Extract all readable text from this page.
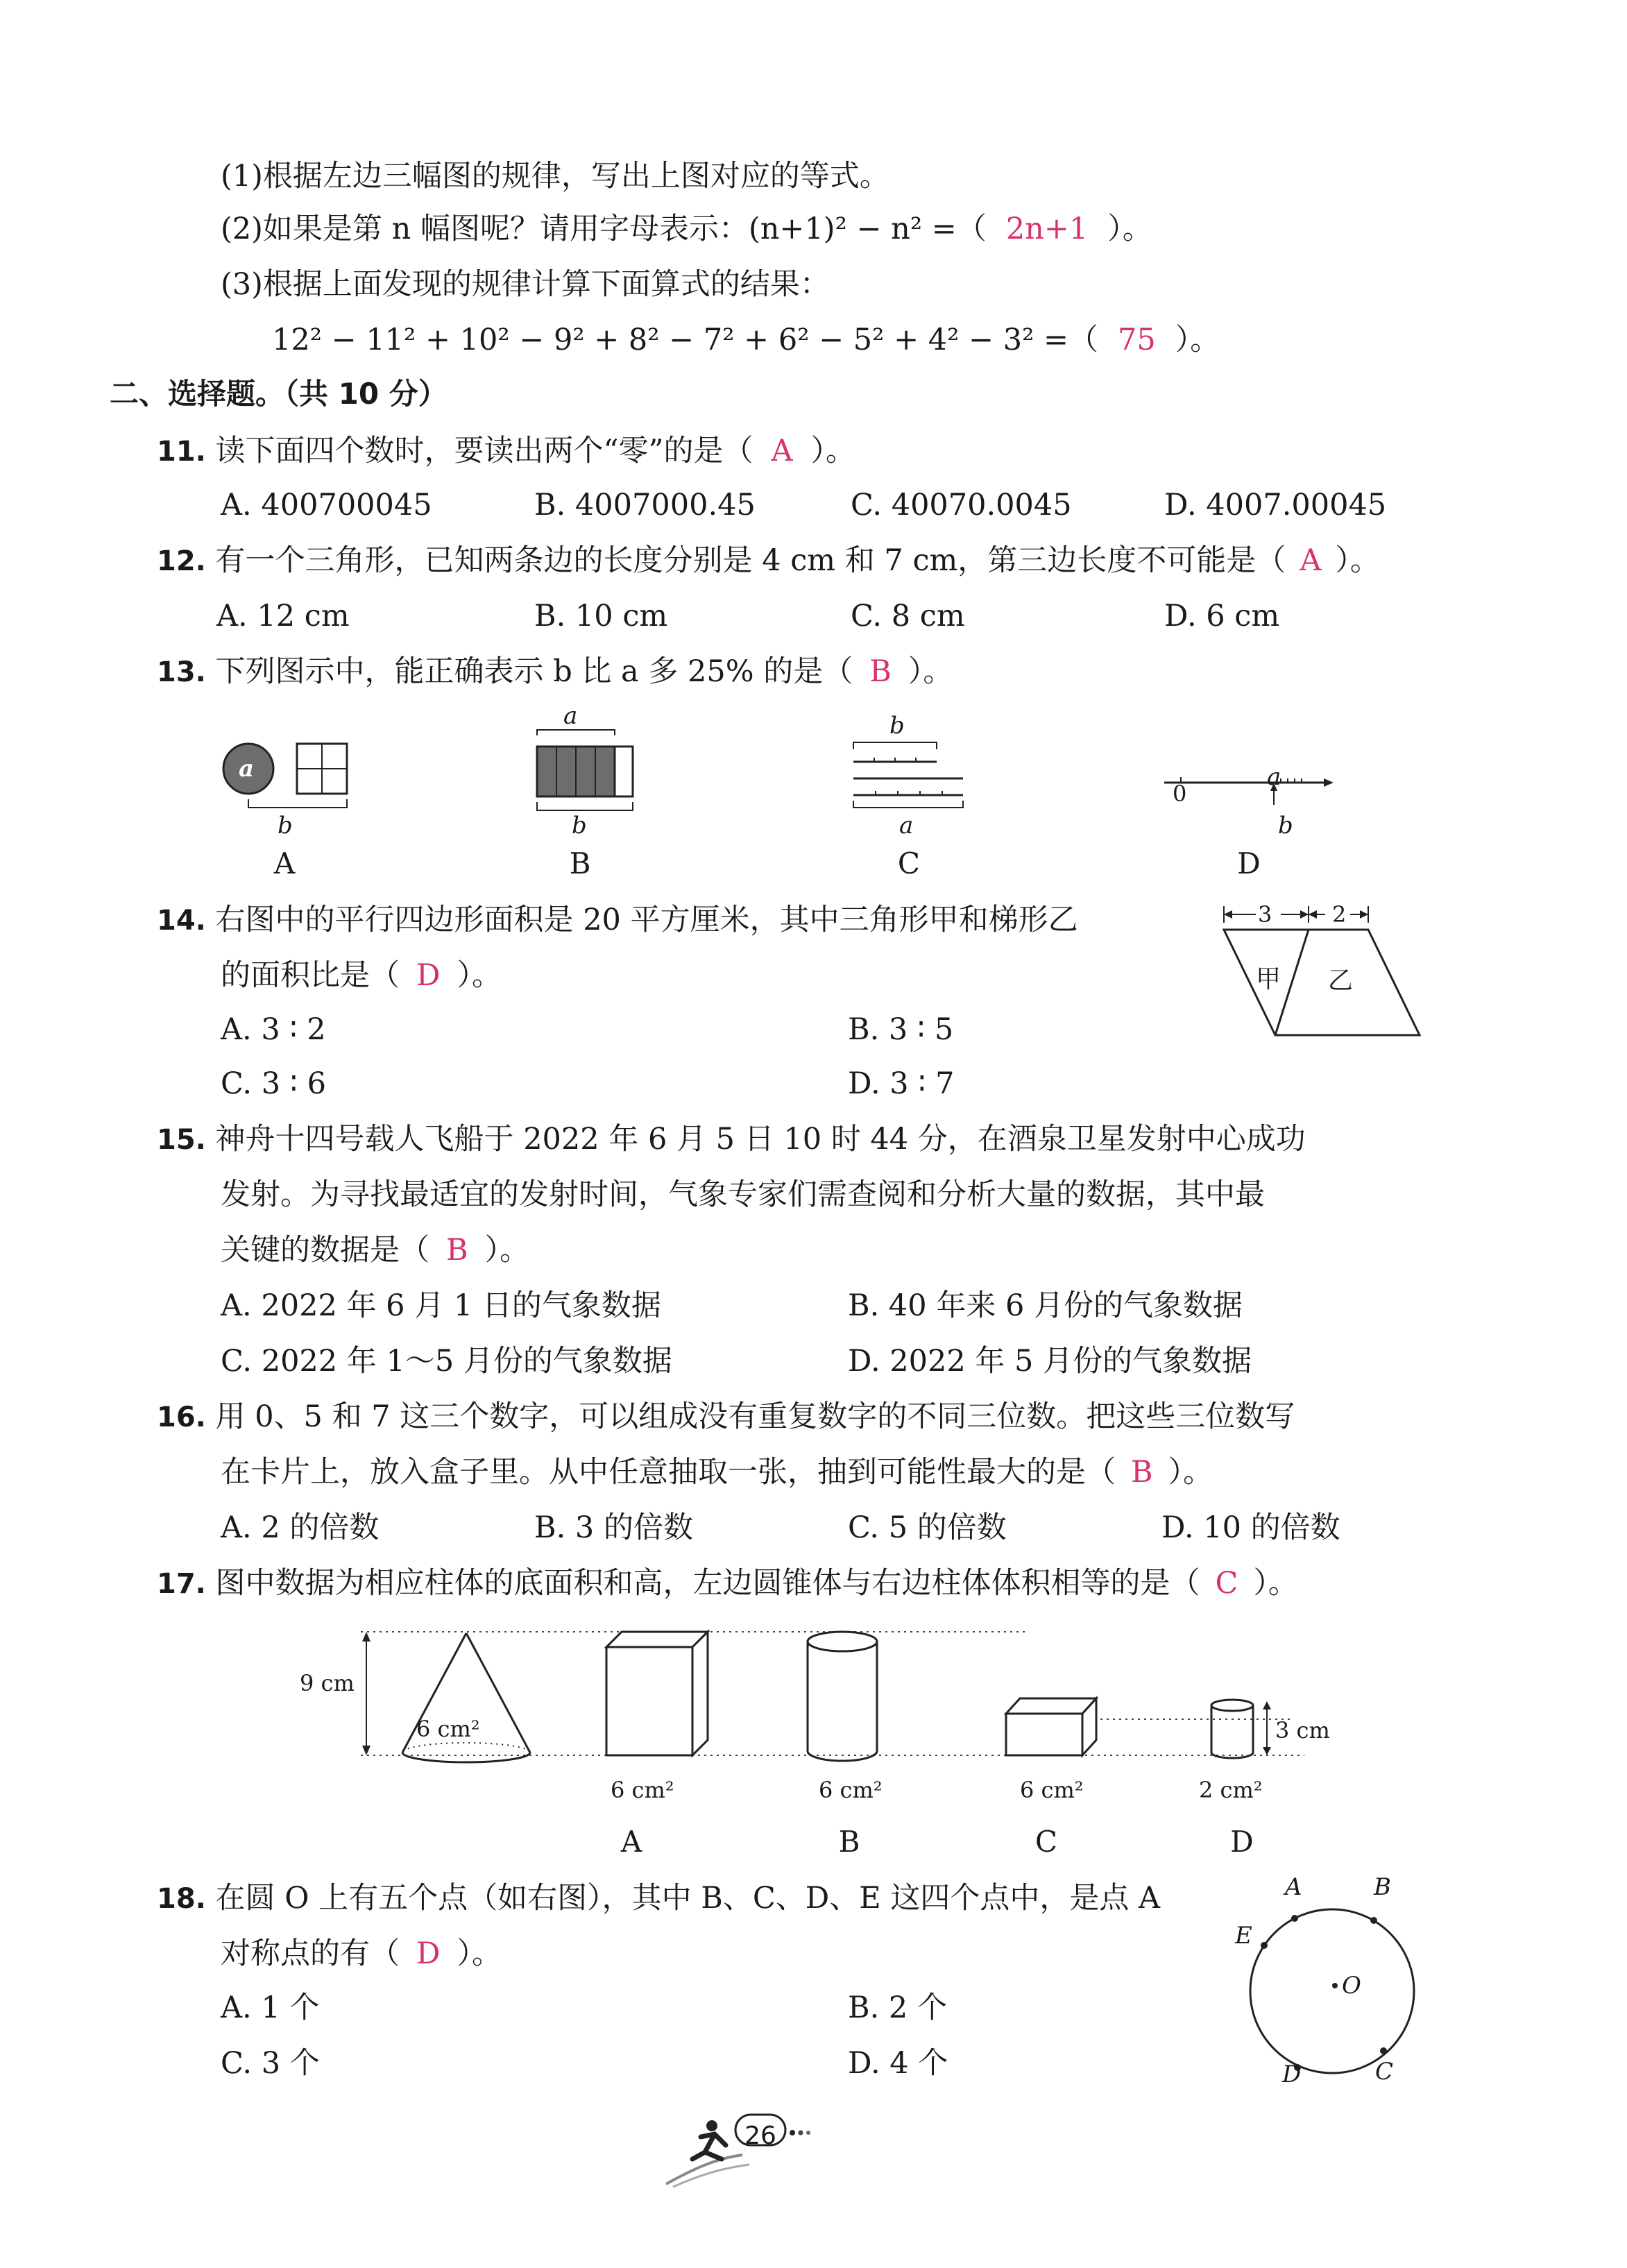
(1)根据左边三幅图的规律，写出上图对应的等式。
(2)如果是第 n 幅图呢？请用字母表示：(n+1)² − n² =（ 2n+1 ）。
(3)根据上面发现的规律计算下面算式的结果：
12² − 11² + 10² − 9² + 8² − 7² + 6² − 5² + 4² − 3² =（ 75 ）。
二、选择题。（共 10 分）
11. 读下面四个数时，要读出两个“零”的是（ A ）。
A. 400700045	B. 4007000.45	C. 40070.0045	D. 4007.00045
12. 有一个三角形，已知两条边的长度分别是 4 cm 和 7 cm，第三边长度不可能是（ A ）。
A. 12 cm	B. 10 cm	C. 8 cm	D. 6 cm
13. 下列图示中，能正确表示 b 比 a 多 25% 的是（ B ）。
a
b
A
a
b
B
b
a
C
0
a
b
D
14. 右图中的平行四边形面积是 20 平方厘米，其中三角形甲和梯形乙
的面积比是（ D ）。
A. 3 ∶ 2	B. 3 ∶ 5
C. 3 ∶ 6	D. 3 ∶ 7
3	2
甲 乙
15. 神舟十四号载人飞船于 2022 年 6 月 5 日 10 时 44 分，在酒泉卫星发射中心成功
发射。为寻找最适宜的发射时间，气象专家们需查阅和分析大量的数据，其中最
关键的数据是（ B ）。
A. 2022 年 6 月 1 日的气象数据	B. 40 年来 6 月份的气象数据
C. 2022 年 1～5 月份的气象数据	D. 2022 年 5 月份的气象数据
16. 用 0、5 和 7 这三个数字，可以组成没有重复数字的不同三位数。把这些三位数写
在卡片上，放入盒子里。从中任意抽取一张，抽到可能性最大的是（ B ）。
A. 2 的倍数	B. 3 的倍数	C. 5 的倍数	D. 10 的倍数
17. 图中数据为相应柱体的底面积和高，左边圆锥体与右边柱体体积相等的是（ C ）。
9 cm
6 cm²	3 cm
6 cm²	6 cm²	6 cm²	2 cm²
A	B	C	D
18. 在圆 O 上有五个点（如右图），其中 B、C、D、E 这四个点中，是点 A
对称点的有（ D ）。
A. 1 个	B. 2 个
C. 3 个	D. 4 个
A	B
C
D
E
O
26
